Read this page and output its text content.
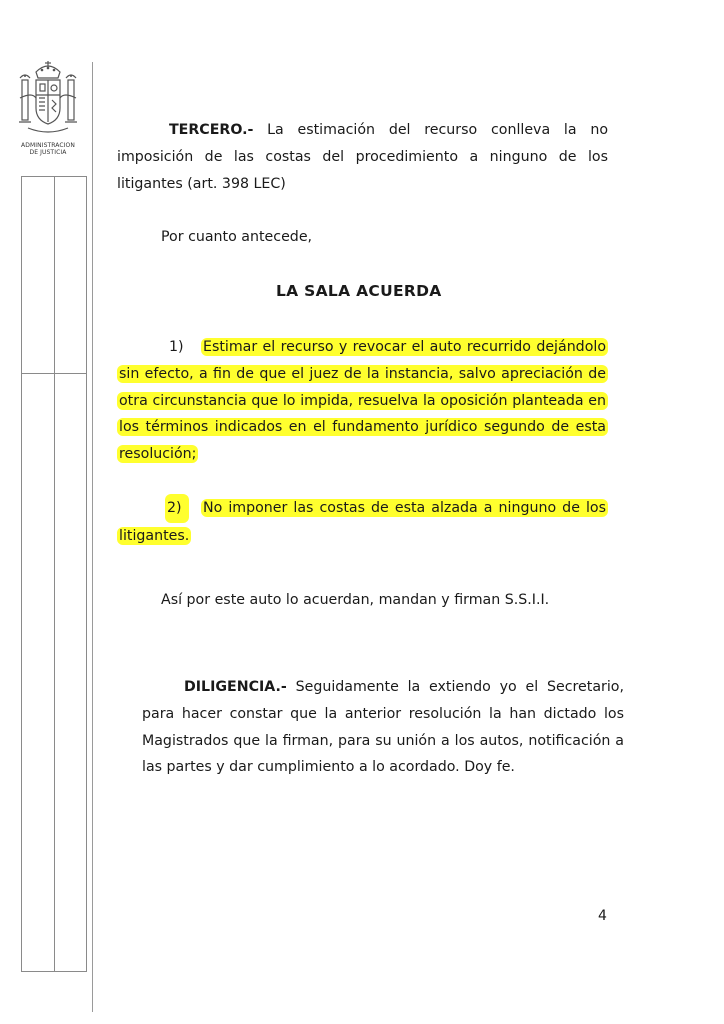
ADMINISTRACION
DE JUSTICIA

TERCERO.- La estimación del recurso conlleva la no imposición de las costas del procedimiento a ninguno de los litigantes (art. 398 LEC)

Por cuanto antecede,
LA SALA ACUERDA

1) Estimar el recurso y revocar el auto recurrido dejándolo sin efecto, a fin de que el juez de la instancia, salvo apreciación de otra circunstancia que lo impida, resuelva la oposición planteada en los términos indicados en el fundamento jurídico segundo de esta resolución;

2) No imponer las costas de esta alzada a ninguno de los litigantes.

Así por este auto lo acuerdan, mandan y firman S.S.I.I.

DILIGENCIA.- Seguidamente la extiendo yo el Secretario, para hacer constar que la anterior resolución la han dictado los Magistrados que la firman, para su unión a los autos, notificación a las partes y dar cumplimiento a lo acordado. Doy fe.

4
